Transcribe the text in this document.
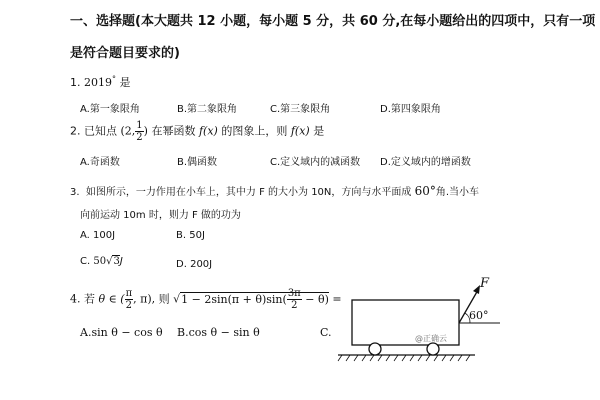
一、选择题(本大题共 12 小题，每小题 5 分，共 60 分,在每小题给出的四项中，只有一项
是符合题目要求的)
1. 2019° 是
A.第一象限角	B.第二象限角	C.第三象限角	D.第四象限角
2. 已知点 (2, $\frac{1}{2}$ ) 在幂函数 f(x) 的图象上，则 f(x) 是
A.奇函数	B.偶函数	C.定义域内的减函数 D.定义域内的增函数
3. 如图所示，一力作用在小车上，其中力 F 的大小为 10N，方向与水平面成 60°角.当小车
向前运动 10m 时，则力 F 做的功为
A. 100J	B. 50J
C. 50√3J	D. 200J
4. 若 θ ∈ ( $\frac{\pi}{2}$ , π), 则 $√1 - 2\sin(\pi + \theta)\sin( \frac{3\pi}{2} - \theta)$ =
A.sin θ − cos θ B.cos θ − sin θ	C.
F
60°
@正确云
